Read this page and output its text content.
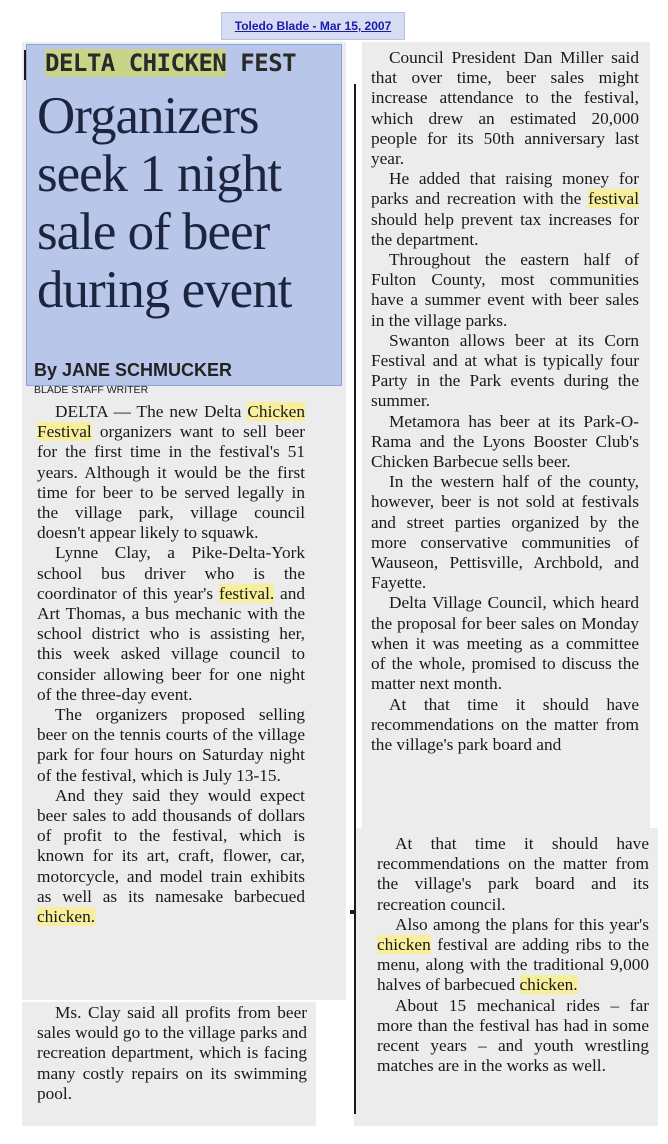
Toledo Blade - Mar 15, 2007
DELTA CHICKEN FEST
Organizers
seek 1 night
sale of beer
during event
By JANE SCHMUCKER
BLADE STAFF WRITER

DELTA — The new Delta Chicken Festival organizers want to sell beer for the first time in the festival's 51 years. Although it would be the first time for beer to be served legally in the village park, village council doesn't appear likely to squawk.

Lynne Clay, a Pike-Delta-York school bus driver who is the coordinator of this year's festival. and Art Thomas, a bus mechanic with the school district who is assisting her, this week asked village council to consider allowing beer for one night of the three-day event.

The organizers proposed selling beer on the tennis courts of the village park for four hours on Saturday night of the festival, which is July 13-15.

And they said they would expect beer sales to add thousands of dollars of profit to the festival, which is known for its art, craft, flower, car, motorcycle, and model train exhibits as well as its namesake barbecued chicken.

Ms. Clay said all profits from beer sales would go to the village parks and recreation department, which is facing many costly repairs on its swimming pool.

Council President Dan Miller said that over time, beer sales might increase attendance to the festival, which drew an estimated 20,000 people for its 50th anniversary last year.

He added that raising money for parks and recreation with the festival should help prevent tax increases for the department.

Throughout the eastern half of Fulton County, most communities have a summer event with beer sales in the village parks.

Swanton allows beer at its Corn Festival and at what is typically four Party in the Park events during the summer.

Metamora has beer at its Park-O-Rama and the Lyons Booster Club's Chicken Barbecue sells beer.

In the western half of the county, however, beer is not sold at festivals and street parties organized by the more conservative communities of Wauseon, Pettisville, Archbold, and Fayette.

Delta Village Council, which heard the proposal for beer sales on Monday when it was meeting as a committee of the whole, promised to discuss the matter next month.

At that time it should have recommendations on the matter from the village's park board and

At that time it should have recommendations on the matter from the village's park board and its recreation council.

Also among the plans for this year's chicken festival are adding ribs to the menu, along with the traditional 9,000 halves of barbecued chicken.

About 15 mechanical rides – far more than the festival has had in some recent years – and youth wrestling matches are in the works as well.
